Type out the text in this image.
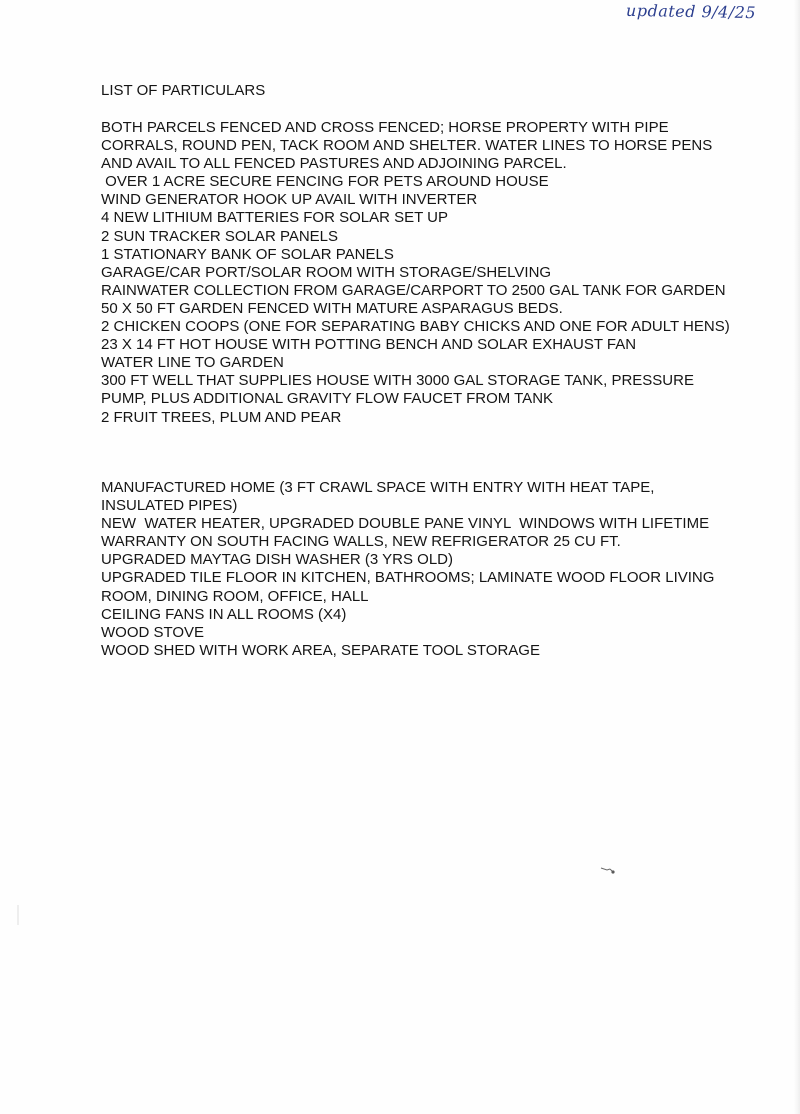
updated 9/4/25
LIST OF PARTICULARS
BOTH PARCELS FENCED AND CROSS FENCED; HORSE PROPERTY WITH PIPE CORRALS, ROUND PEN, TACK ROOM AND SHELTER. WATER LINES TO HORSE PENS AND AVAIL TO ALL FENCED PASTURES AND ADJOINING PARCEL.
OVER 1 ACRE SECURE FENCING FOR PETS AROUND HOUSE
WIND GENERATOR HOOK UP AVAIL WITH INVERTER
4 NEW LITHIUM BATTERIES FOR SOLAR SET UP
2 SUN TRACKER SOLAR PANELS
1 STATIONARY BANK OF SOLAR PANELS
GARAGE/CAR PORT/SOLAR ROOM WITH STORAGE/SHELVING
RAINWATER COLLECTION FROM GARAGE/CARPORT TO 2500 GAL TANK FOR GARDEN
50 X 50 FT GARDEN FENCED WITH MATURE ASPARAGUS BEDS.
2 CHICKEN COOPS (ONE FOR SEPARATING BABY CHICKS AND ONE FOR ADULT HENS)
23 X 14 FT HOT HOUSE WITH POTTING BENCH AND SOLAR EXHAUST FAN
WATER LINE TO GARDEN
300 FT WELL THAT SUPPLIES HOUSE WITH 3000 GAL STORAGE TANK, PRESSURE PUMP, PLUS ADDITIONAL GRAVITY FLOW FAUCET FROM TANK
2 FRUIT TREES, PLUM AND PEAR
MANUFACTURED HOME (3 FT CRAWL SPACE WITH ENTRY WITH HEAT TAPE, INSULATED PIPES)
NEW  WATER HEATER, UPGRADED DOUBLE PANE VINYL  WINDOWS WITH LIFETIME WARRANTY ON SOUTH FACING WALLS, NEW REFRIGERATOR 25 CU FT.
UPGRADED MAYTAG DISH WASHER (3 YRS OLD)
UPGRADED TILE FLOOR IN KITCHEN, BATHROOMS; LAMINATE WOOD FLOOR LIVING ROOM, DINING ROOM, OFFICE, HALL
CEILING FANS IN ALL ROOMS (X4)
WOOD STOVE
WOOD SHED WITH WORK AREA, SEPARATE TOOL STORAGE
